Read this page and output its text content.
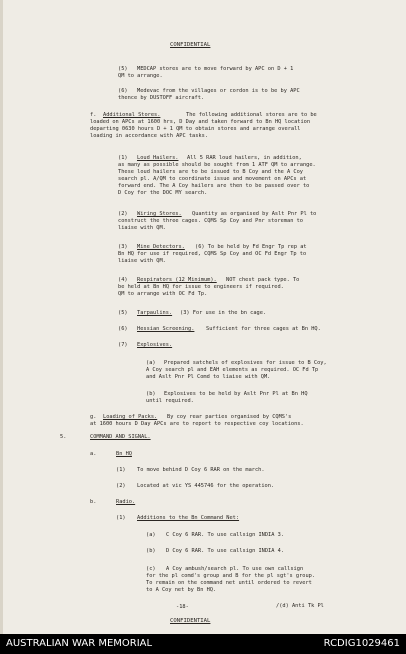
CONFIDENTIAL
(5) MEDCAP stores are to move forward by APC on D + 1
QM to arrange.
(6) Medevac from the villages or cordon is to be by APC
thence by DUSTOFF aircraft.
f. Additional Stores.	The following additional stores are to be
loaded on APCs at 1600 hrs, D Day and taken forward to Bn HQ location
departing 0630 hours D + 1 QM to obtain stores and arrange overall
loading in accordance with APC tasks.
(1) Loud Hailers. All 5 RAR loud hailers, in addition,
as many as possible should be sought from 1 ATF QM to arrange.
These loud hailers are to be issued to B Coy and the A Coy
search pl. A/QM to coordinate issue and movement on APCs at
forward end. The A Coy hailers are then to be passed over to
D Coy for the DOC MY search.
(2) Wiring Stores. Quantity as organised by Aslt Pnr Pl to
construct the three cages. CQMS Sp Coy and Pnr storeman to
liaise with QM.
(3) Mine Detectors. (6) To be held by Fd Engr Tp rep at
Bn HQ for use if required, CQMS Sp Coy and OC Fd Engr Tp to
liaise with QM.
(4) Respirators (12 Minimum). NOT chest pack type. To
be held at Bn HQ for issue to engineers if required.
QM to arrange with OC Fd Tp.
(5) Tarpaulins. (3) For use in the bn cage.
(6) Hessian Screening. Sufficient for three cages at Bn HQ.
(7) Explosives.
(a) Prepared satchels of explosives for issue to B Coy,
A Coy search pl and EAH elements as required. OC Fd Tp
and Aslt Pnr Pl Comd to liaise with QM.
(b) Explosives to be held by Aslt Pnr Pl at Bn HQ
until required.
g. Loading of Packs. By coy rear parties organised by CQMS's
at 1600 hours D Day APCs are to report to respective coy locations.
5.	COMMAND AND SIGNAL.
a.	Bn HQ
(1) To move behind D Coy 6 RAR on the march.
(2) Located at vic YS 445746 for the operation.
b.	Radio.
(1) Additions to the Bn Command Net:
(a) C Coy 6 RAR. To use callsign INDIA 3.
(b) D Coy 6 RAR. To use callsign INDIA 4.
(c) A Coy ambush/search pl. To use own callsign
for the pl comd's group and B for the pl sgt's group.
To remain on the command net until ordered to revert
to A Coy net by Bn HQ.
-18-	/(d) Anti Tk Pl
CONFIDENTIAL
AUSTRALIAN WAR MEMORIAL	RCDIG1029461
